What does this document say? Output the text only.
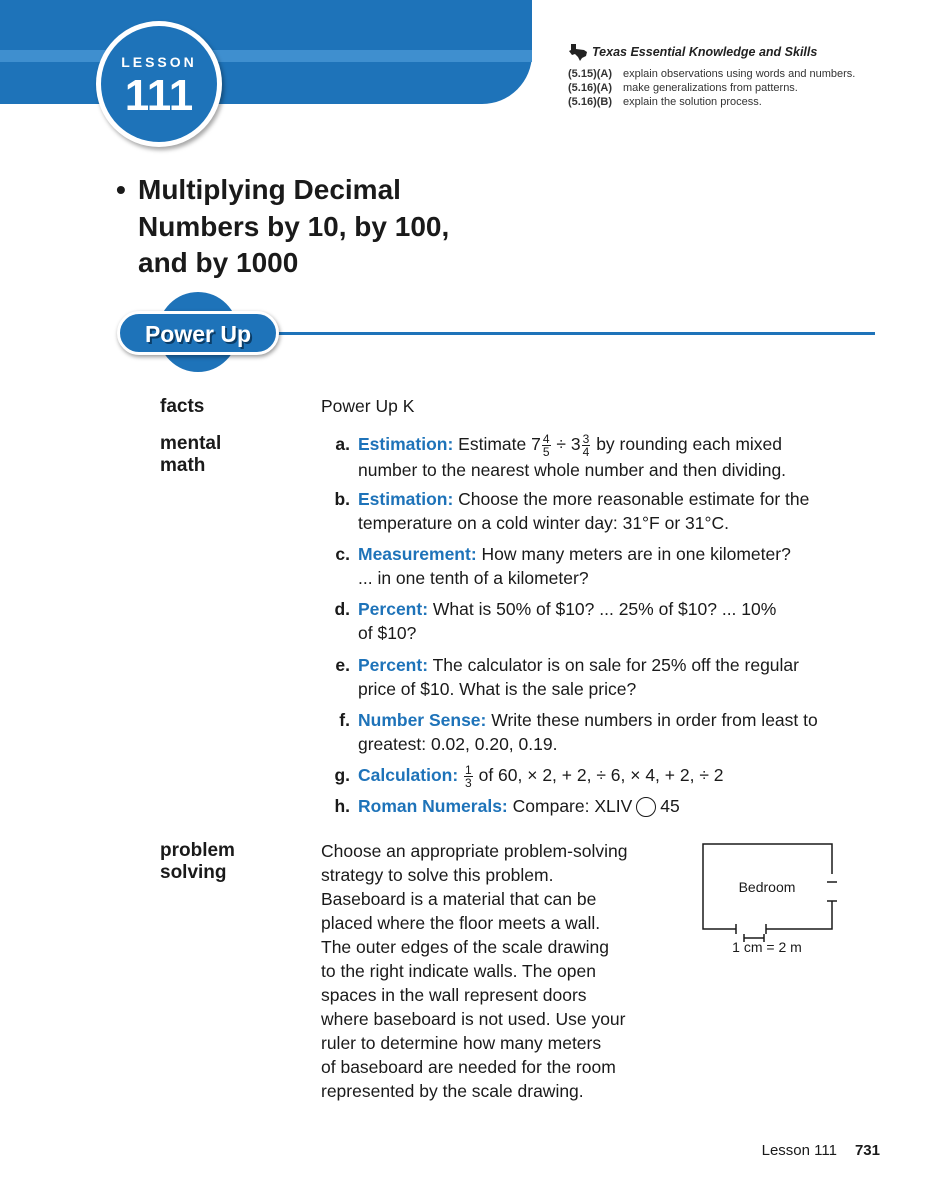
LESSON
111
Texas Essential Knowledge and Skills
(5.15)(A) explain observations using words and numbers.
(5.16)(A) make generalizations from patterns.
(5.16)(B) explain the solution process.
• Multiplying Decimal
Numbers by 10, by 100,
and by 1000
Power Up
facts	Power Up K
mental
math
a. Estimation: Estimate $7 \frac{4}{5} \div 3 \frac{3}{4}$ by rounding each mixed
number to the nearest whole number and then dividing.
b. Estimation: Choose the more reasonable estimate for the
temperature on a cold winter day: 31°F or 31°C.
c. Measurement: How many meters are in one kilometer?
... in one tenth of a kilometer?
d. Percent: What is 50% of $10? ... 25% of $10? ... 10%
of $10?
e. Percent: The calculator is on sale for 25% off the regular
price of $10. What is the sale price?
f. Number Sense: Write these numbers in order from least to
greatest: 0.02, 0.20, 0.19.
g. Calculation: $\frac{1}{3}$ of 60, × 2, + 2, ÷ 6, × 4, + 2, ÷ 2
h. Roman Numerals: Compare: XLIV 45
problem
solving
Choose an appropriate problem-solving
strategy to solve this problem.
Baseboard is a material that can be
placed where the floor meets a wall.
The outer edges of the scale drawing
to the right indicate walls. The open
spaces in the wall represent doors
where baseboard is not used. Use your
ruler to determine how many meters
of baseboard are needed for the room
represented by the scale drawing.
Bedroom
1 cm = 2 m
Lesson 111 731
